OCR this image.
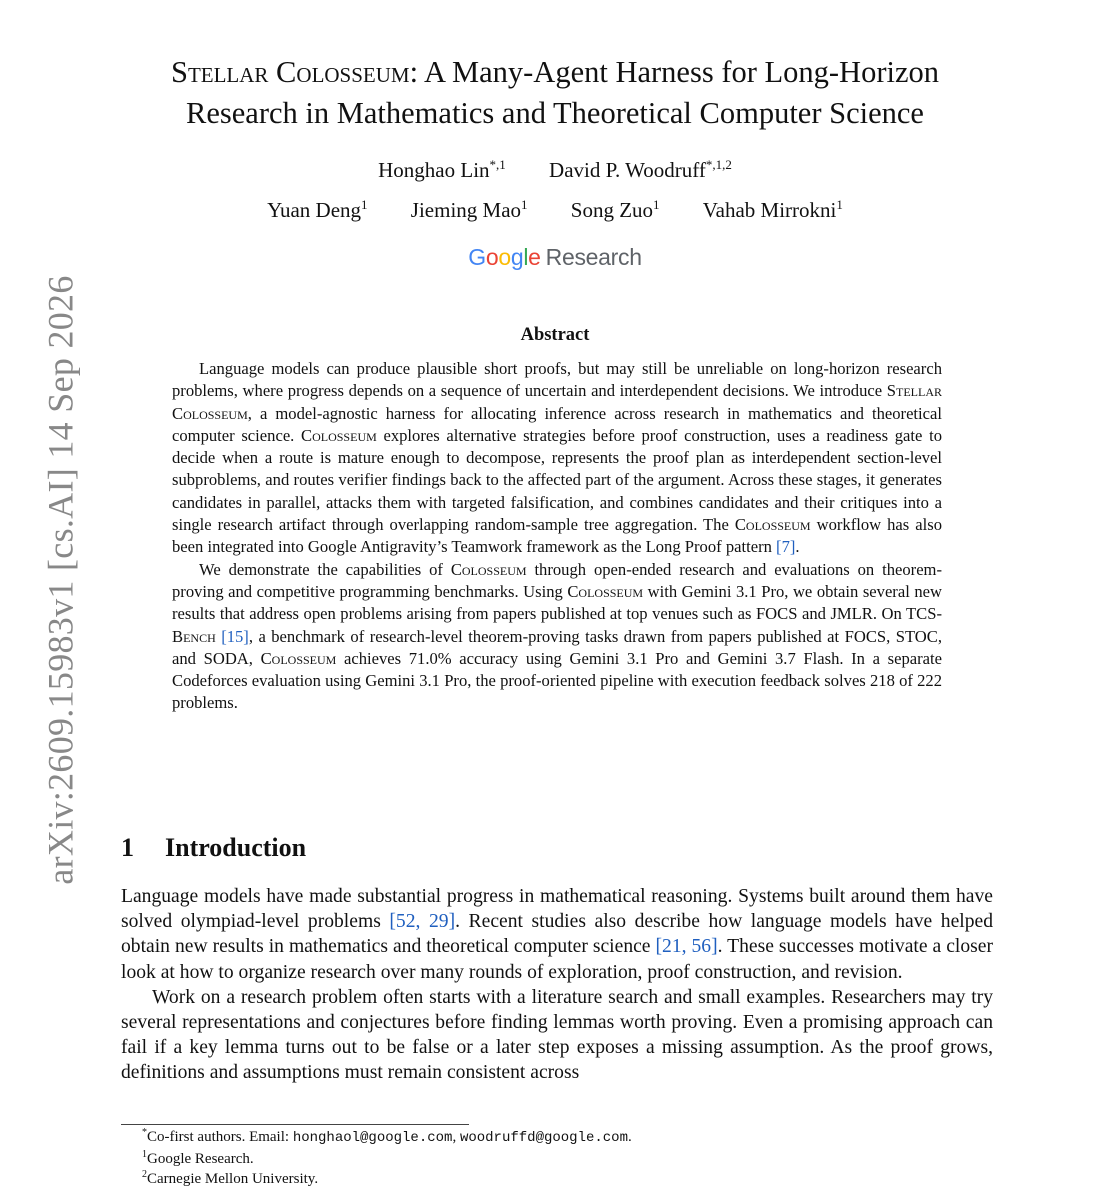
arXiv:2609.15983v1 [cs.AI] 14 Sep 2026
Stellar Colosseum: A Many-Agent Harness for Long-Horizon
Research in Mathematics and Theoretical Computer Science
Honghao Lin$^{*,1}$ David P. Woodruff$^{*,1,2}$
Yuan Deng$^1$ Jieming Mao$^1$ Song Zuo$^1$ Vahab Mirrokni$^1$
Google Research
Abstract

Language models can produce plausible short proofs, but may still be unreliable on long-horizon research problems, where progress depends on a sequence of uncertain and interdependent decisions. We introduce Stellar Colosseum, a model-agnostic harness for allocating inference across research in mathematics and theoretical computer science. Colosseum explores alternative strategies before proof construction, uses a readiness gate to decide when a route is mature enough to decompose, represents the proof plan as interdependent section-level subproblems, and routes verifier findings back to the affected part of the argument. Across these stages, it generates candidates in parallel, attacks them with targeted falsification, and combines candidates and their critiques into a single research artifact through overlapping random-sample tree aggregation. The Colosseum workflow has also been integrated into Google Antigravity’s Teamwork framework as the Long Proof pattern [7].

We demonstrate the capabilities of Colosseum through open-ended research and evaluations on theorem-proving and competitive programming benchmarks. Using Colosseum with Gemini 3.1 Pro, we obtain several new results that address open problems arising from papers published at top venues such as FOCS and JMLR. On TCS-Bench [15], a benchmark of research-level theorem-proving tasks drawn from papers published at FOCS, STOC, and SODA, Colosseum achieves 71.0% accuracy using Gemini 3.1 Pro and Gemini 3.7 Flash. In a separate Codeforces evaluation using Gemini 3.1 Pro, the proof-oriented pipeline with execution feedback solves 218 of 222 problems.

1 Introduction

Language models have made substantial progress in mathematical reasoning. Systems built around them have solved olympiad-level problems [52, 29]. Recent studies also describe how language models have helped obtain new results in mathematics and theoretical computer science [21, 56]. These successes motivate a closer look at how to organize research over many rounds of exploration, proof construction, and revision.

Work on a research problem often starts with a literature search and small examples. Researchers may try several representations and conjectures before finding lemmas worth proving. Even a promising approach can fail if a key lemma turns out to be false or a later step exposes a missing assumption. As the proof grows, definitions and assumptions must remain consistent across

*Co-first authors. Email: honghaol@google.com, woodruffd@google.com.
$^1$Google Research.
$^2$Carnegie Mellon University.
